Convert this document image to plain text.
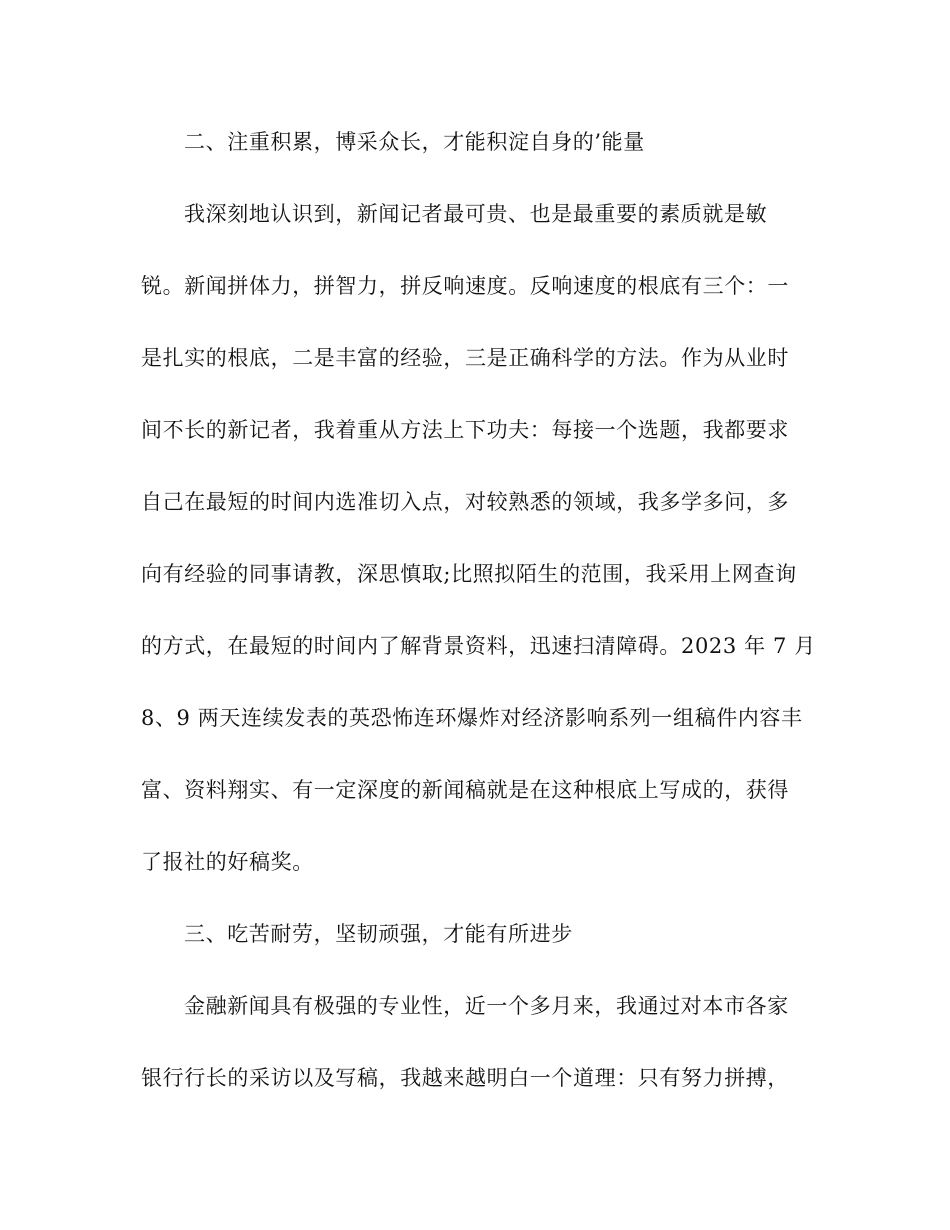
二、注重积累，博采众长，才能积淀自身的’能量

我深刻地认识到，新闻记者最可贵、也是最重要的素质就是敏

锐。新闻拼体力，拼智力，拼反响速度。反响速度的根底有三个：一

是扎实的根底，二是丰富的经验，三是正确科学的方法。作为从业时

间不长的新记者，我着重从方法上下功夫：每接一个选题，我都要求

自己在最短的时间内选准切入点，对较熟悉的领域，我多学多问，多

向有经验的同事请教，深思慎取;比照拟陌生的范围，我采用上网查询

的方式，在最短的时间内了解背景资料，迅速扫清障碍。2023 年 7 月

8、9 两天连续发表的英恐怖连环爆炸对经济影响系列一组稿件内容丰

富、资料翔实、有一定深度的新闻稿就是在这种根底上写成的，获得

了报社的好稿奖。

三、吃苦耐劳，坚韧顽强，才能有所进步

金融新闻具有极强的专业性，近一个多月来，我通过对本市各家

银行行长的采访以及写稿，我越来越明白一个道理：只有努力拼搏，
